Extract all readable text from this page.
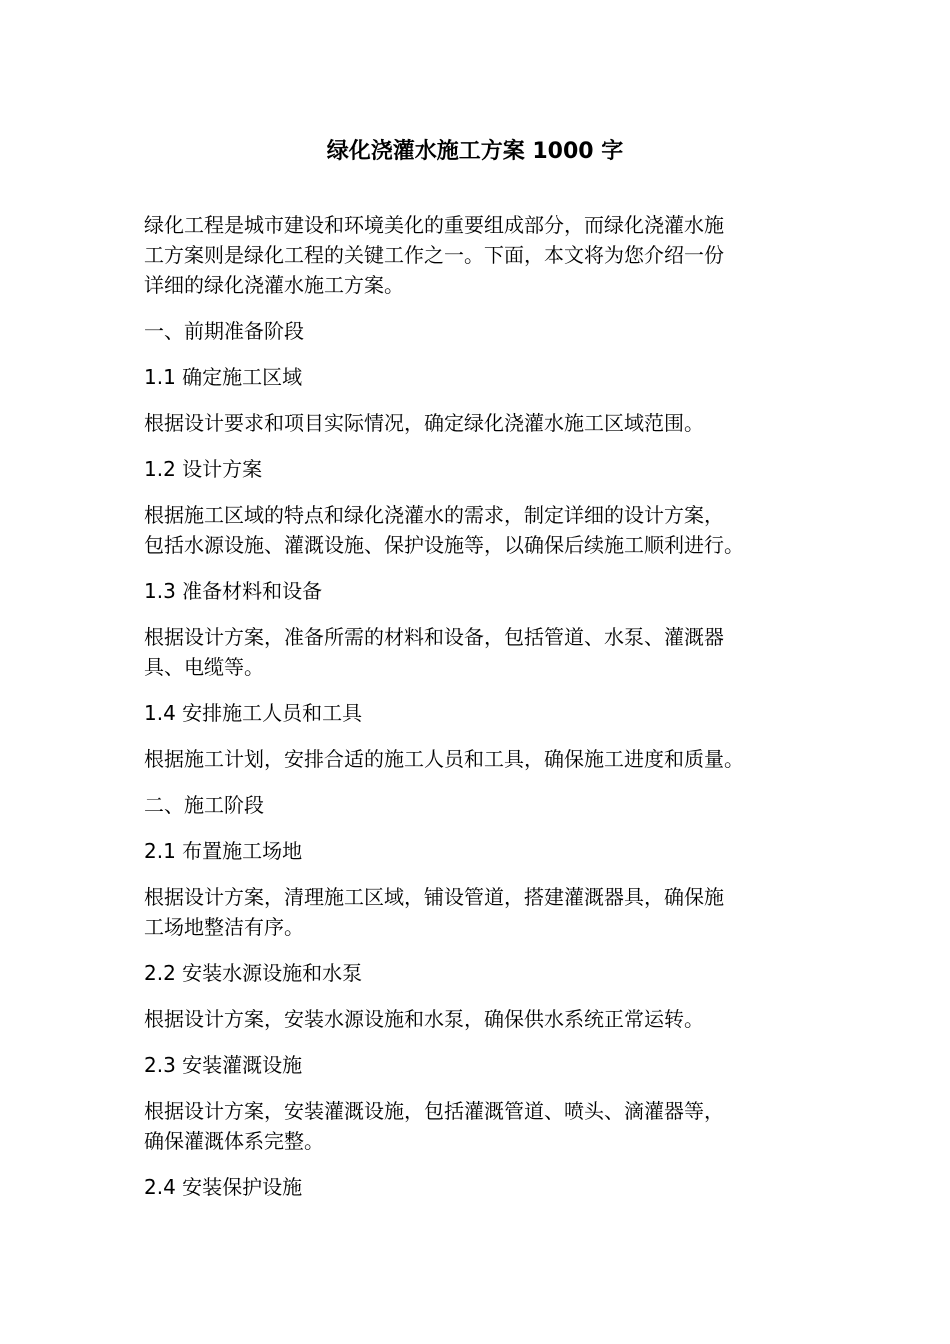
绿化浇灌水施工方案 1000 字

绿化工程是城市建设和环境美化的重要组成部分，而绿化浇灌水施
工方案则是绿化工程的关键工作之一。下面，本文将为您介绍一份
详细的绿化浇灌水施工方案。

一、前期准备阶段

1.1 确定施工区域

根据设计要求和项目实际情况，确定绿化浇灌水施工区域范围。

1.2 设计方案

根据施工区域的特点和绿化浇灌水的需求，制定详细的设计方案，
包括水源设施、灌溉设施、保护设施等，以确保后续施工顺利进行。

1.3 准备材料和设备

根据设计方案，准备所需的材料和设备，包括管道、水泵、灌溉器
具、电缆等。

1.4 安排施工人员和工具

根据施工计划，安排合适的施工人员和工具，确保施工进度和质量。

二、施工阶段

2.1 布置施工场地

根据设计方案，清理施工区域，铺设管道，搭建灌溉器具，确保施
工场地整洁有序。

2.2 安装水源设施和水泵

根据设计方案，安装水源设施和水泵，确保供水系统正常运转。

2.3 安装灌溉设施

根据设计方案，安装灌溉设施，包括灌溉管道、喷头、滴灌器等，
确保灌溉体系完整。

2.4 安装保护设施
